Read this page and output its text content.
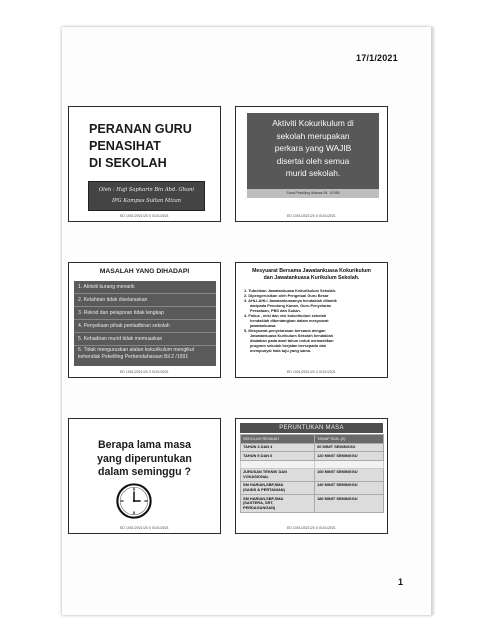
17/1/2021
PERANAN GURU
PENASIHAT
DI SEKOLAH
Oleh : Haji Sapharin Bin Abd. Ghani
IPG Kampus Sultan Mizan
ED 1001/2021/20 0 0101/2021
Aktiviti Kokurikulum di
sekolah merupakan
perkara yang WAJIB
disertai oleh semua
murid sekolah.
Surat Pekeliling Ikhtisas Bil. 1/1985
ED 1001/2021/20 0 0101/2021
MASALAH YANG DIHADAPI
1. Aktiviti kurang menarik
2. Kelahiran tidak diselaraskan
3. Rekod dan pelaporan tidak lengkap
4. Penyeliaan pihak pentadbiran sekolah
5. Kehadiran murid tidak memuaskan
6. Tidak menguruskan alatan kokurikulum mengikut kehendak Pekeliling Perbendaharaan Bil.2 /1991
ED 1001/2021/20 0 0101/2021
Mesyuarat Bersama Jawatankuasa Kokurikulum
dan Jawatankuasa Kurikulum Sekolah.
1. Tubuhkan Jawatankuasa Kokurikulum Sekolah.
2. Dipengerusikan oleh Pengetua/ Guru Besar
3. AHLI-AHLI Jawatankuasanya hendaklah dilantik
daripada Penolong Kanan, Guru Penyelaras
Persatuan, PBS dan Sukan.
4. Fokus , misi dan visi kokurikulum sekolah
hendaklah dibentangkan dalam mesyuarat
jawatankuasa.
5. Mesyuarat penyelarasan bersama dengan
Jawatankuasa Kurikulum Sekolah hendaklah
diadakan pada awal tahun untuk memastikan
program sekolah berjalan bersepadu dan
mempunyai hala tuju yang sama.
ED 1001/2021/20 0 0101/2021
Berapa lama masa
yang diperuntukan
dalam seminggu ?
ED 1001/2021/20 0 0101/2021
PERUNTUKAN MASA
SEKOLAH RENDAH	TAHAP SIJIL (2)
TAHUN 3 DAN 4	60 MINIT SEMINGGU
TAHUN 5 DAN 6	120 MINIT SEMINGGU

JURUSAN TEKNIK DAN
VOKASIONAL	100 MINIT SEMINGGU
SM HARIAN,SBP,SMA
(SAINS & PERTANIAN)	140 MINIT SEMINGGU
SM HARIAN,SBP,SMA
(SASTERA, SRT,
PERDAGANGAN)	180 MINIT SEMINGGU
ED 1001/2021/20 0 0101/2021
1
